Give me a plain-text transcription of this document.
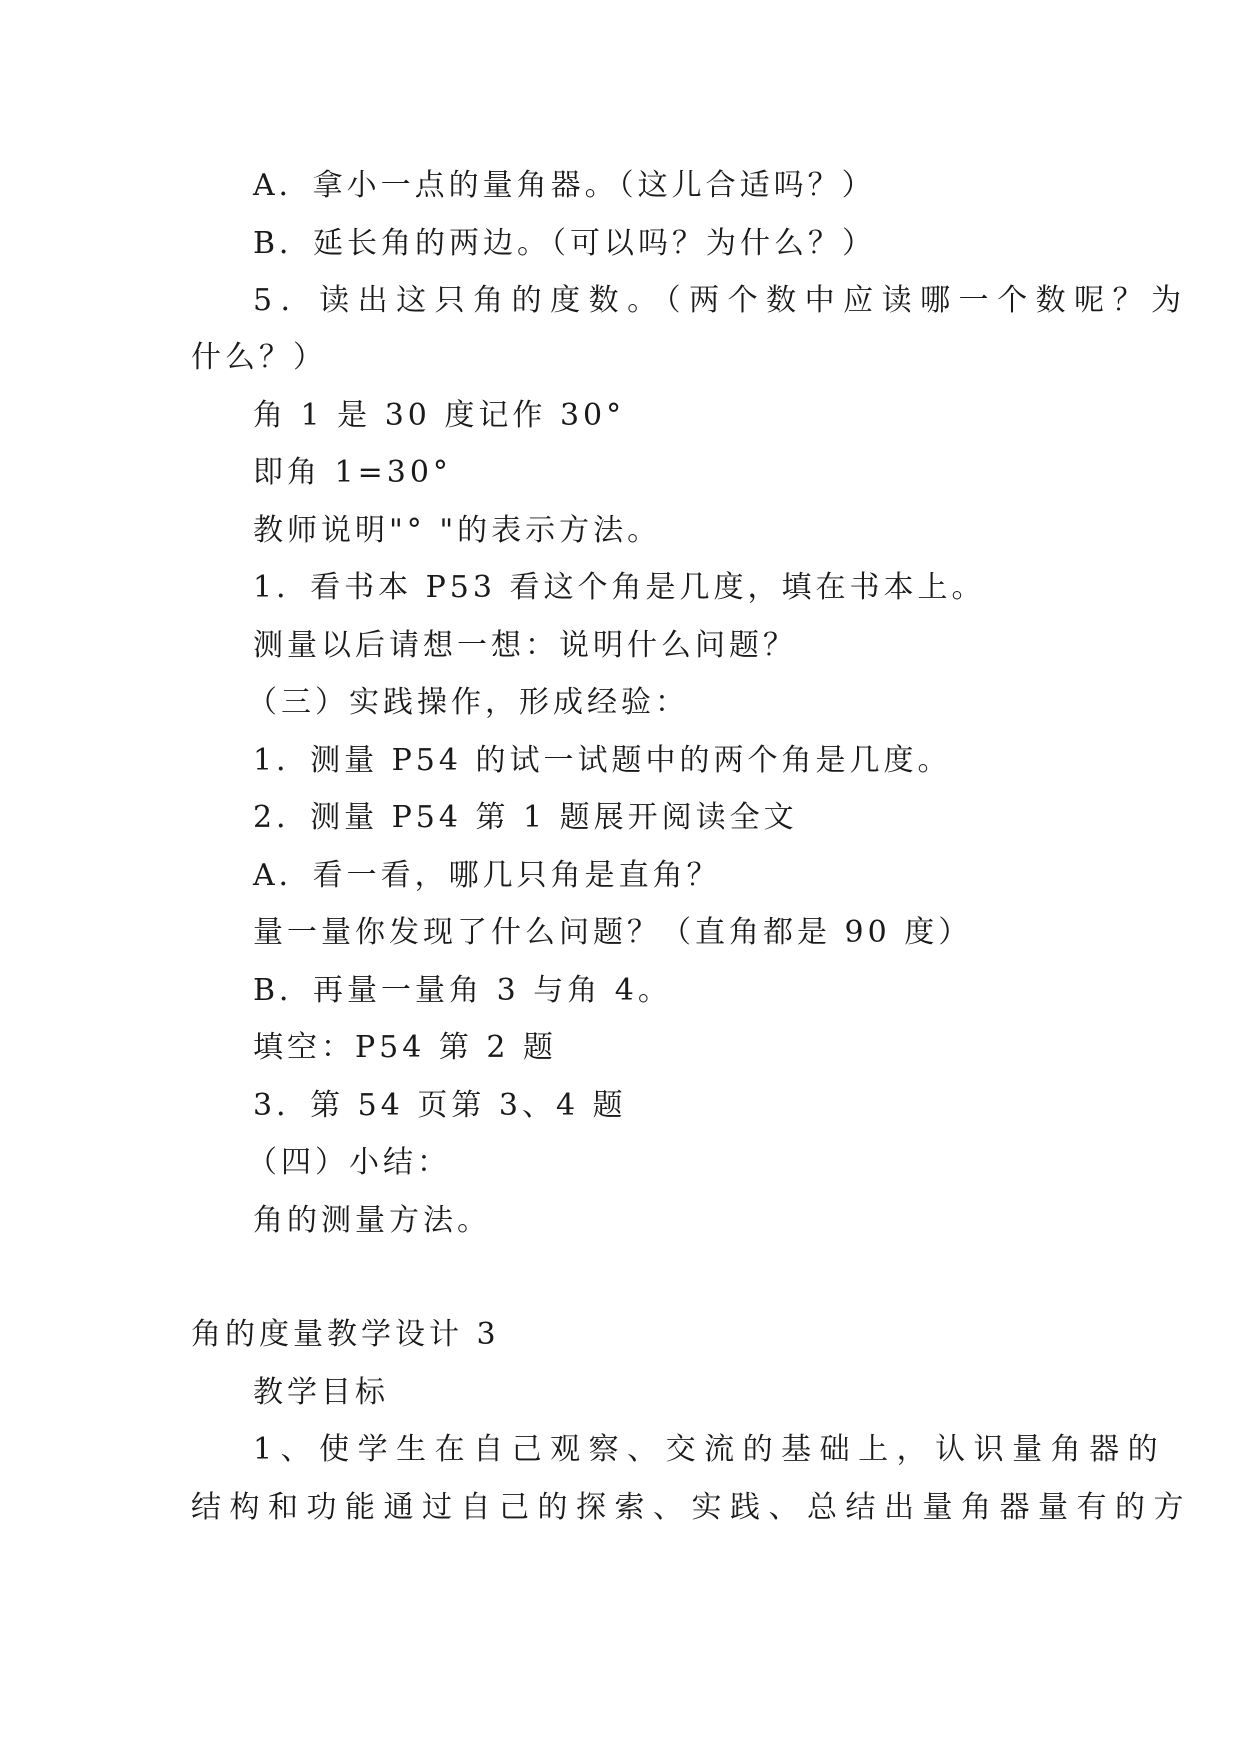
A．拿小一点的量角器。（这儿合适吗？）
B．延长角的两边。（可以吗？为什么？）
5．读出这只角的度数。（两个数中应读哪一个数呢？为
什么？）
角 1 是 30 度记作 30°
即角 1=30°
教师说明"° "的表示方法。
1．看书本 P53 看这个角是几度，填在书本上。
测量以后请想一想：说明什么问题？
（三）实践操作，形成经验：
1．测量 P54 的试一试题中的两个角是几度。
2．测量 P54 第 1 题展开阅读全文
A．看一看，哪几只角是直角？
量一量你发现了什么问题？（直角都是 90 度）
B．再量一量角 3 与角 4。
填空：P54 第 2 题
3．第 54 页第 3、4 题
（四）小结：
角的测量方法。
角的度量教学设计 3
教学目标
1、使学生在自己观察、交流的基础上，认识量角器的
结构和功能通过自己的探索、实践、总结出量角器量有的方
